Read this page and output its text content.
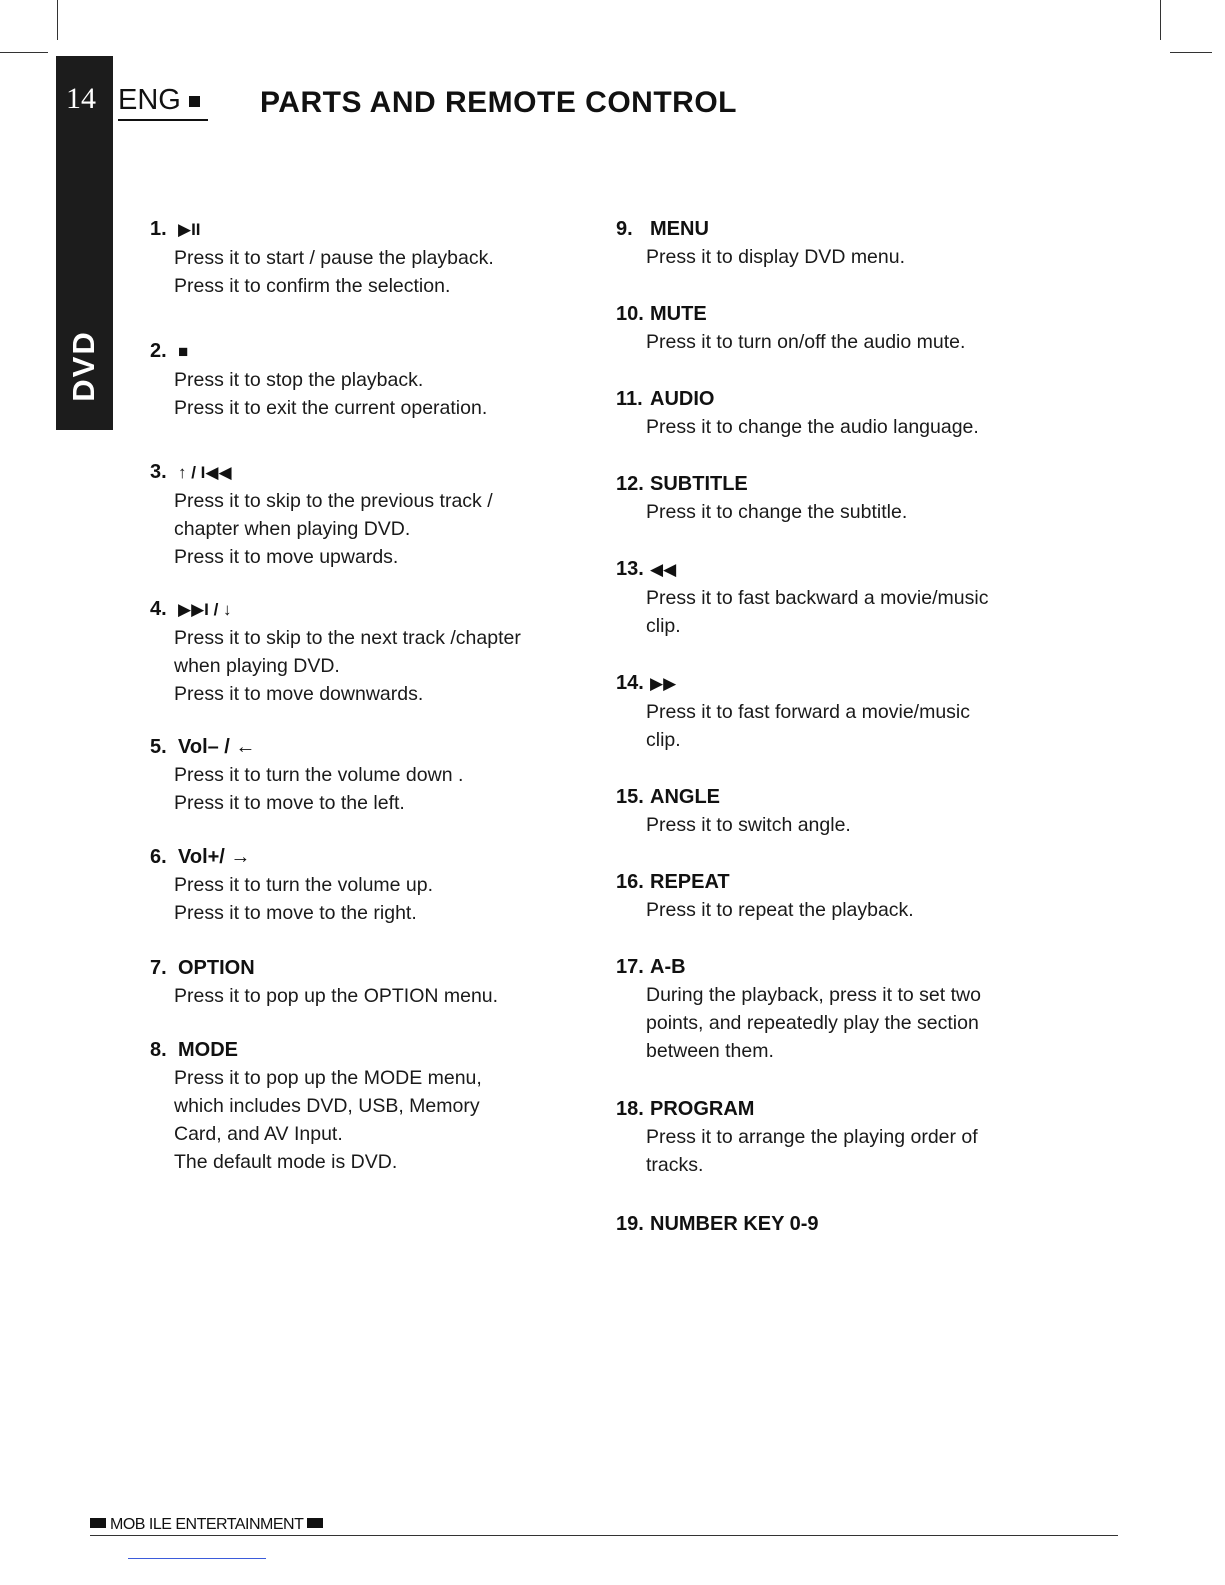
14
DVD
ENG	PARTS AND REMOTE CONTROL
1. ▶II
Press it to start / pause the playback.
Press it to confirm the selection.
2. ■
Press it to stop the playback.
Press it to exit the current operation.
3. ↑ / I◀◀
Press it to skip to the previous track /
chapter when playing DVD.
Press it to move upwards.
4. ▶▶I / ↓
Press it to skip to the next track /chapter
when playing DVD.
Press it to move downwards.
5. Vol– / ←
Press it to turn the volume down .
Press it to move to the left.
6. Vol+/ →
Press it to turn the volume up.
Press it to move to the right.
7. OPTION
Press it to pop up the OPTION menu.
8. MODE
Press it to pop up the MODE menu,
which includes DVD, USB, Memory
Card, and AV Input.
The default mode is DVD.
9. MENU
Press it to display DVD menu.
10. MUTE
Press it to turn on/off the audio mute.
11. AUDIO
Press it to change the audio language.
12. SUBTITLE
Press it to change the subtitle.
13. ◀◀
Press it to fast backward a movie/music
clip.
14. ▶▶
Press it to fast forward a movie/music
clip.
15. ANGLE
Press it to switch angle.
16. REPEAT
Press it to repeat the playback.
17. A-B
During the playback, press it to set two
points, and repeatedly play the section
between them.
18. PROGRAM
Press it to arrange the playing order of
tracks.
19. NUMBER KEY 0-9
MOB ILE ENTERTAINMENT
